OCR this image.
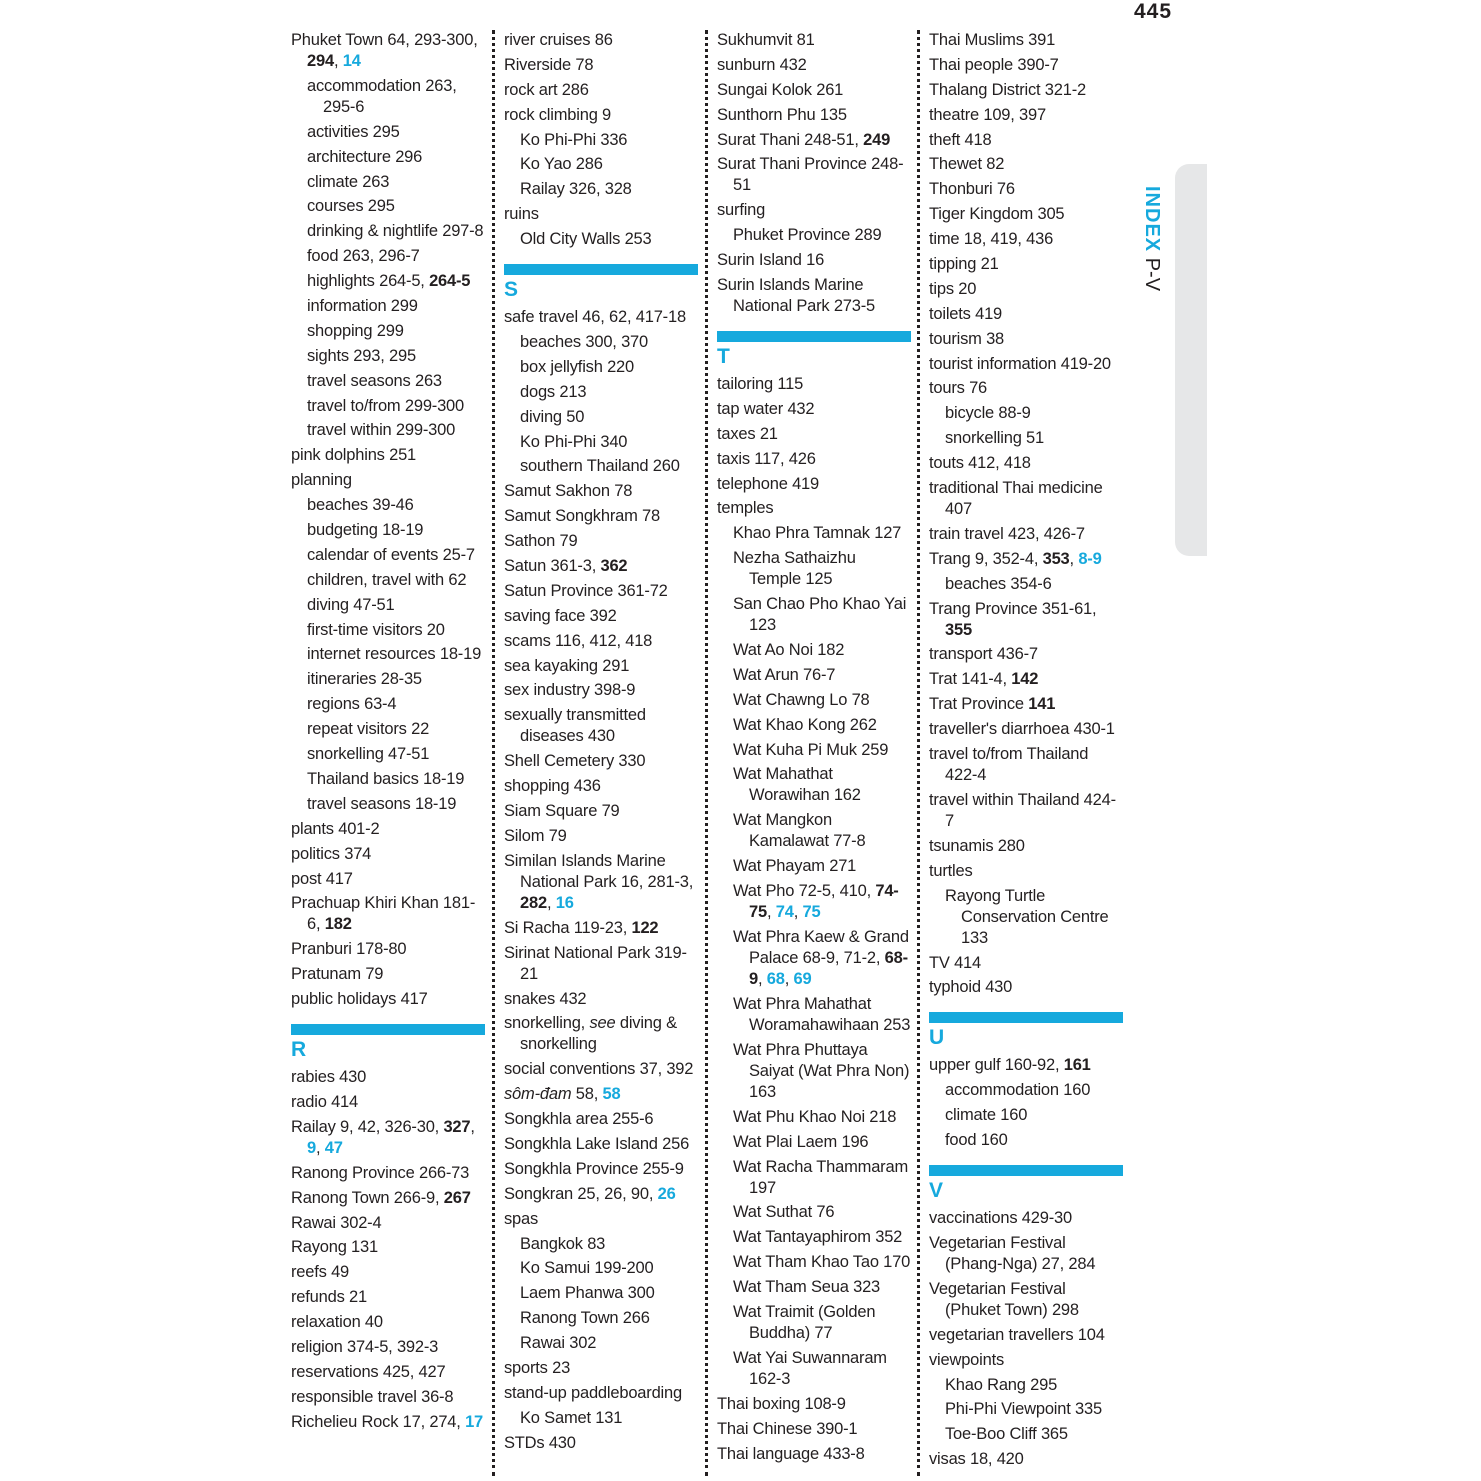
445
INDEX P-V
Phuket Town 64, 293-300, 294, 14
accommodation 263, 295-6
activities 295
architecture 296
climate 263
courses 295
drinking & nightlife 297-8
food 263, 296-7
highlights 264-5, 264-5
information 299
shopping 299
sights 293, 295
travel seasons 263
travel to/from 299-300
travel within 299-300
pink dolphins 251
planning
beaches 39-46
budgeting 18-19
calendar of events 25-7
children, travel with 62
diving 47-51
first-time visitors 20
internet resources 18-19
itineraries 28-35
regions 63-4
repeat visitors 22
snorkelling 47-51
Thailand basics 18-19
travel seasons 18-19
plants 401-2
politics 374
post 417
Prachuap Khiri Khan 181-6, 182
Pranburi 178-80
Pratunam 79
public holidays 417
R
rabies 430
radio 414
Railay 9, 42, 326-30, 327, 9, 47
Ranong Province 266-73
Ranong Town 266-9, 267
Rawai 302-4
Rayong 131
reefs 49
refunds 21
relaxation 40
religion 374-5, 392-3
reservations 425, 427
responsible travel 36-8
Richelieu Rock 17, 274, 17
river cruises 86
Riverside 78
rock art 286
rock climbing 9
Ko Phi-Phi 336
Ko Yao 286
Railay 326, 328
ruins
Old City Walls 253
S
safe travel 46, 62, 417-18
beaches 300, 370
box jellyfish 220
dogs 213
diving 50
Ko Phi-Phi 340
southern Thailand 260
Samut Sakhon 78
Samut Songkhram 78
Sathon 79
Satun 361-3, 362
Satun Province 361-72
saving face 392
scams 116, 412, 418
sea kayaking 291
sex industry 398-9
sexually transmitted diseases 430
Shell Cemetery 330
shopping 436
Siam Square 79
Silom 79
Similan Islands Marine National Park 16, 281-3, 282, 16
Si Racha 119-23, 122
Sirinat National Park 319-21
snakes 432
snorkelling, see diving & snorkelling
social conventions 37, 392
sôm-đam 58, 58
Songkhla area 255-6
Songkhla Lake Island 256
Songkhla Province 255-9
Songkran 25, 26, 90, 26
spas
Bangkok 83
Ko Samui 199-200
Laem Phanwa 300
Ranong Town 266
Rawai 302
sports 23
stand-up paddleboarding
Ko Samet 131
STDs 430
Sukhumvit 81
sunburn 432
Sungai Kolok 261
Sunthorn Phu 135
Surat Thani 248-51, 249
Surat Thani Province 248-51
surfing
Phuket Province 289
Surin Island 16
Surin Islands Marine National Park 273-5
T
tailoring 115
tap water 432
taxes 21
taxis 117, 426
telephone 419
temples
Khao Phra Tamnak 127
Nezha Sathaizhu Temple 125
San Chao Pho Khao Yai 123
Wat Ao Noi 182
Wat Arun 76-7
Wat Chawng Lo 78
Wat Khao Kong 262
Wat Kuha Pi Muk 259
Wat Mahathat Worawihan 162
Wat Mangkon Kamalawat 77-8
Wat Phayam 271
Wat Pho 72-5, 410, 74-75, 74, 75
Wat Phra Kaew & Grand Palace 68-9, 71-2, 68-9, 68, 69
Wat Phra Mahathat Woramahawihaan 253
Wat Phra Phuttaya Saiyat (Wat Phra Non) 163
Wat Phu Khao Noi 218
Wat Plai Laem 196
Wat Racha Thammaram 197
Wat Suthat 76
Wat Tantayaphirom 352
Wat Tham Khao Tao 170
Wat Tham Seua 323
Wat Traimit (Golden Buddha) 77
Wat Yai Suwannaram 162-3
Thai boxing 108-9
Thai Chinese 390-1
Thai language 433-8
Thai Muslims 391
Thai people 390-7
Thalang District 321-2
theatre 109, 397
theft 418
Thewet 82
Thonburi 76
Tiger Kingdom 305
time 18, 419, 436
tipping 21
tips 20
toilets 419
tourism 38
tourist information 419-20
tours 76
bicycle 88-9
snorkelling 51
touts 412, 418
traditional Thai medicine 407
train travel 423, 426-7
Trang 9, 352-4, 353, 8-9
beaches 354-6
Trang Province 351-61, 355
transport 436-7
Trat 141-4, 142
Trat Province 141
traveller's diarrhoea 430-1
travel to/from Thailand 422-4
travel within Thailand 424-7
tsunamis 280
turtles
Rayong Turtle Conservation Centre 133
TV 414
typhoid 430
U
upper gulf 160-92, 161
accommodation 160
climate 160
food 160
V
vaccinations 429-30
Vegetarian Festival (Phang-Nga) 27, 284
Vegetarian Festival (Phuket Town) 298
vegetarian travellers 104
viewpoints
Khao Rang 295
Phi-Phi Viewpoint 335
Toe-Boo Cliff 365
visas 18, 420
